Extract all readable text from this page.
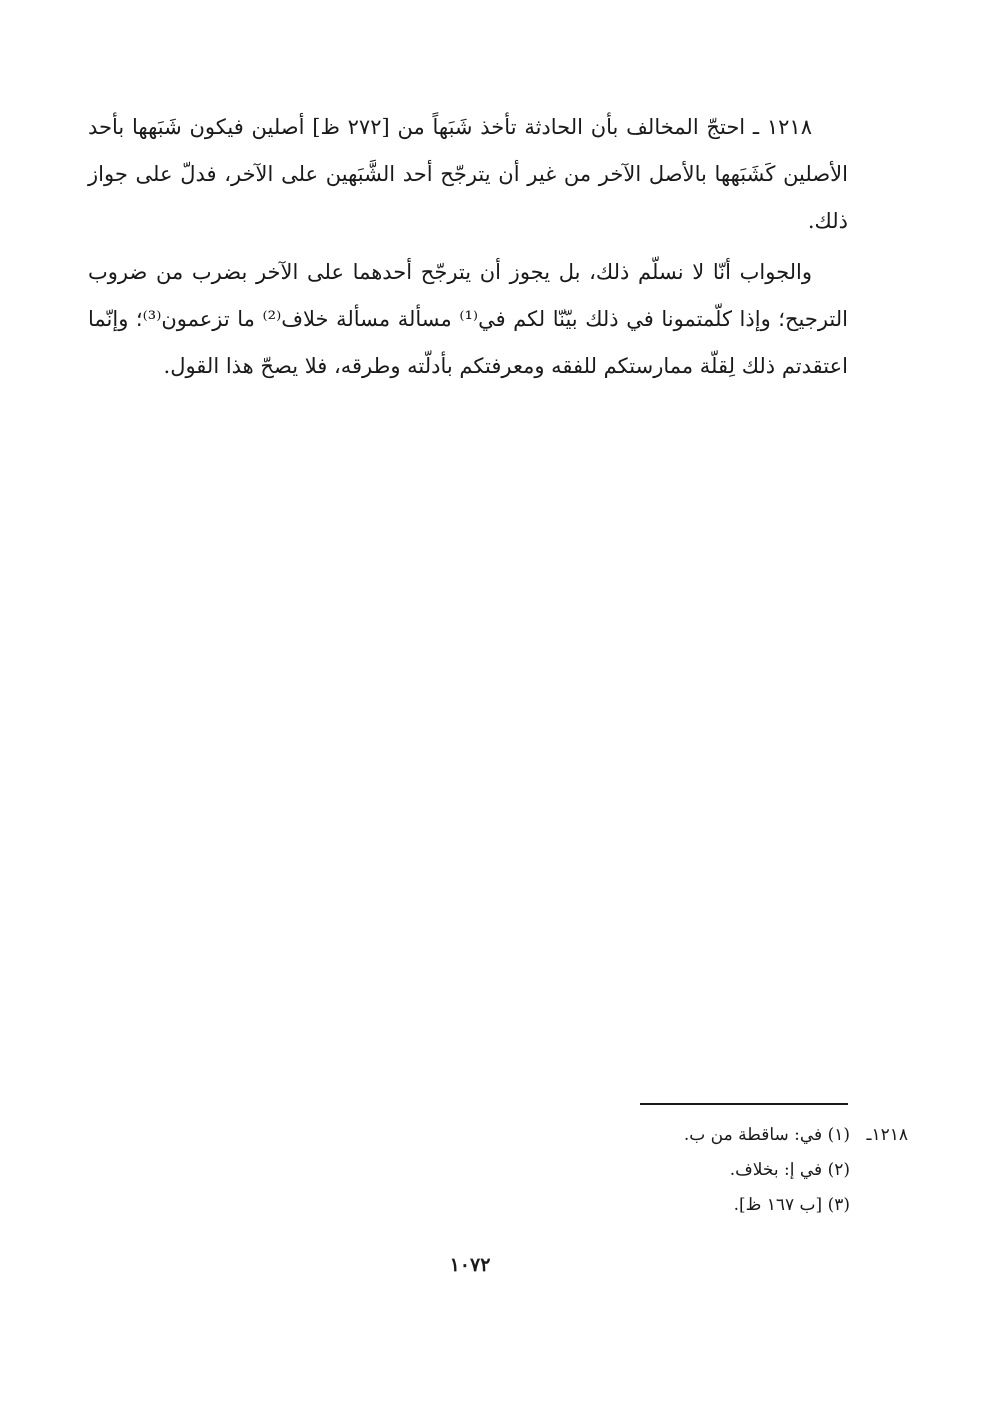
١٢١٨ ـ احتجّ المخالف بأن الحادثة تأخذ شَبَهاً من [٢٧٢ ظ] أصلين فيكون شَبَهها بأحد الأصلين كَشَبَهها بالأصل الآخر من غير أن يترجّح أحد الشَّبَهين على الآخر، فدلّ على جواز ذلك.

والجواب أنّا لا نسلّم ذلك، بل يجوز أن يترجّح أحدهما على الآخر بضرب من ضروب الترجيح؛ وإذا كلّمتمونا في ذلك بيّنّا لكم في⁽¹⁾ مسألة مسألة خلاف⁽²⁾ ما تزعمون⁽³⁾؛ وإنّما اعتقدتم ذلك لِقلّة ممارستكم للفقه ومعرفتكم بأدلّته وطرقه، فلا يصحّ هذا القول.

١٢١٨ـ(١) في: ساقطة من ب.
(٢) في إ: بخلاف.
(٣) [ب ١٦٧ ظ].
١٠٧٢
